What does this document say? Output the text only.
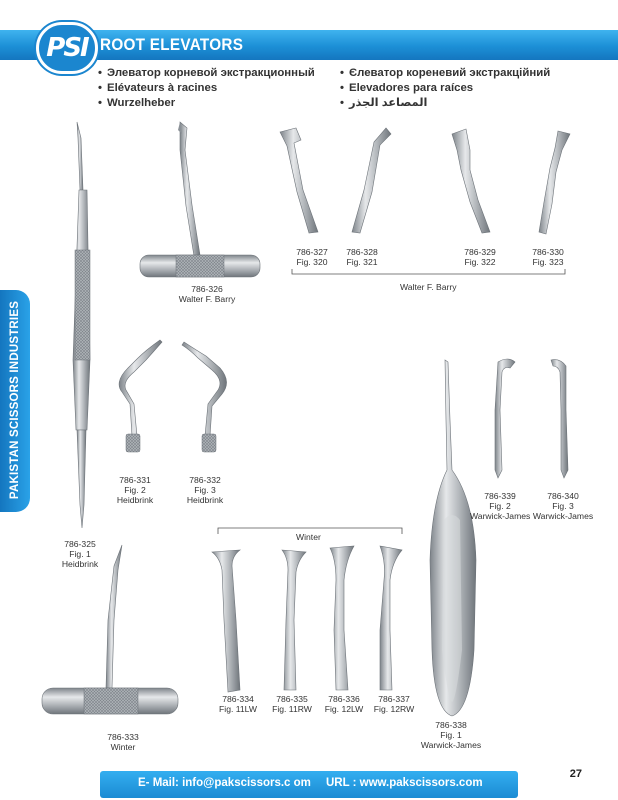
PSI ROOT ELEVATORS
• Элеватор корневой экстракционный
• Elévateurs à racines
• Wurzelheber
• Єлеватор кореневий экстракційний
• Elevadores para raíces
• المصاعد الجذر
PAKISTAN SCISSORS INDUSTRIES
786-325
Fig. 1
Heidbrink
786-326
Walter F. Barry
786-327
Fig. 320
786-328
Fig. 321
786-329
Fig. 322
786-330
Fig. 323
Walter F. Barry
786-331
Fig. 2
Heidbrink
786-332
Fig. 3
Heidbrink	786-339
Fig. 2
Warwick-James
786-340
Fig. 3
Warwick-James
Winter
786-333
Winter
786-334
Fig. 11LW
786-335
Fig. 11RW
786-336
Fig. 12LW
786-337
Fig. 12RW
786-338
Fig. 1
Warwick-James
E- Mail: info@pakscissors.c om URL : www.pakscissors.com
27
